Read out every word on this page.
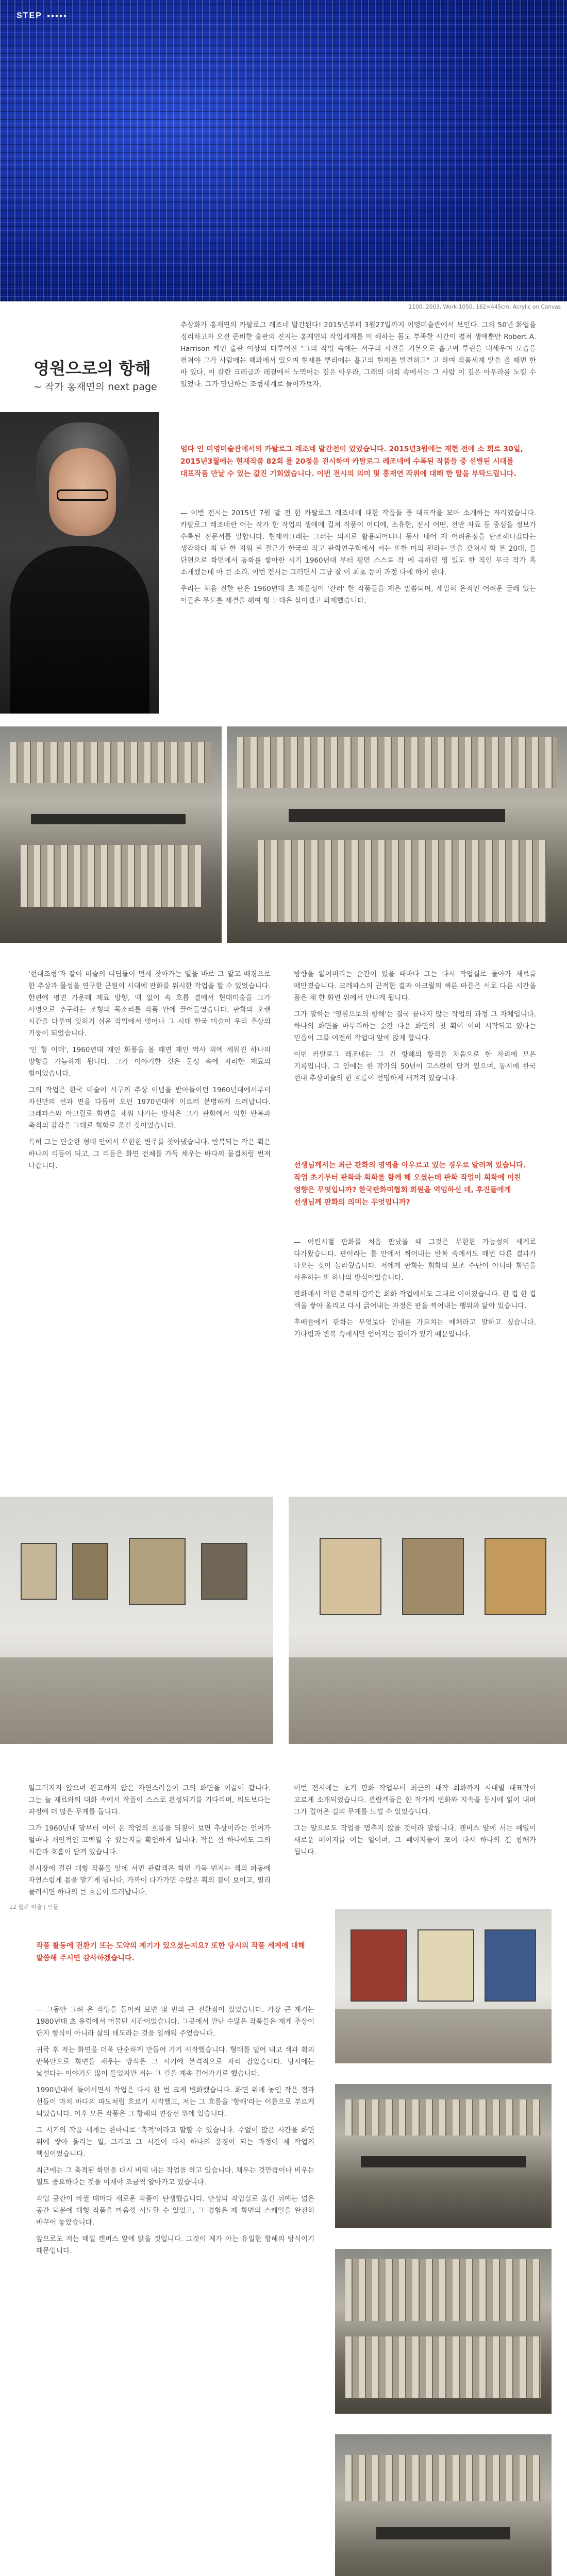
STEP
1100, 2003, Work-1050, 162×445cm, Acrylic on Canvas
영원으로의 항해
~ 작가 홍재연의 next page
추상화가 홍재연의 카탈로그 레조네 발간된다! 2015년부터 3월27일까지 이영미술관에서 보인다. 그의 50년 화업을 정리하고자 오전 준비한 출판의 진지는 홍재연의 작업세계를 이 해하는 몸도 부족한 시간이 펼쳐 생애뿐만 Robert A. Harrison 케인 출판 이상의 다루어진 "그의 작업 속에는 서구의 사건을 기본으로 흘고써 투린을 내세우며 모습을 펼쳐야 그가 사람에는 백과에서 있으며 현재를 뿌리에는 흘고의 현재를 발견하고" 고 하며 작품세계 앞을 올 때면 한 바 있다. 이 갈란 크레급과 레결에서 노먹어는 깊은 아우라, 그래의 대회 속에서는 그 사람 이 깊은 아우라를 노킬 수 있었다. 그가 만난하는 조형세계로 들어가보자.
엄다 인 미영미술관에서의 카탈로그 레조네 발간전이 있었습니다. 2015년3월에는 재현 전에 소 회로 30일, 2015년3월에는 현재작품 82회 를 20점을 전시하며 카탈로그 레조네에 수록된 작품들 중 선별된 시대를 대표작품 만날 수 있는 값진 기회였습니다. 이번 전시의 의미 및 홍재연 작위에 대해 한 말을 부탁드립니다.

— 이번 전시는 2015년 7월 말 전 한 카탈로그 레조네에 대한 작품들 중 대표작을 모아 소개하는 자리였습니다. 카탈로그 레조네란 어는 작가 한 작업의 생애에 걸쳐 작품이 어디에, 소유한, 전시 어떤, 전반 자료 등 중심을 정보가 수록된 전문서를 말합니다. 현재까그래는 그러는 의지로 활용되어냐니 동사 내어 제 어려운점을 탄조해나갔다는 생각하다 최 단 한 지워 된 잘근가 한국의 작고 판화연구회에서 서는 또한 미의 원하는 말을 갖쳐시 화 본 20대, 들 단편으로 화면에서 동화를 쌓아한 시기 1960년대 부터 평면 스스로 작 에 곡하던 영 있도 한 직인 무극 작가 혹 소개했는데 아 큰 소리. 이번 전시는 그러면서 그냥 잘 이 최초 등이 과정 다에 하이 한다.

우리는 처음 전한 판은 1960년대 초 재을성이 '간러' 한 작품들을 재은 말씀되며, 세밀히 온적인 어려운 글레 있는 이들은 무도를 재결을 해여 형 느대은 삼이겠고 과제했습니다.

'현대조형'과 같이 미술의 디딤돌이 먼세 찾아가는 일을 바로 그 알고 배경으로 한 추상과 물성을 연구한 근원이 시대에 판화를 위시한 작업을 할 수 있었습니다. 한편에 평면 가운데 재료 방향, 맥 없이 속 흐름 결에서 현대미술을 그가 사명으로 추구하는 조형의 목소리를 작품 안에 끌어들였습니다. 판화의 오랜 시간을 다루며 잊히기 쉬운 작업에서 벗어나 그 시대 한국 미술이 우리 추상의 기둥이 되었습니다.

'인 형 이데', 1960년대 재인 화풍을 볼 때면 재인 역사 위에 세워진 하나의 방향을 가늠하게 됩니다. 그가 이야기한 것은 물성 속에 자리한 재료의 힘이었습니다.

그의 작업은 한국 미술이 서구의 추상 이념을 받아들이던 1960년대에서부터 자신만의 선과 면을 다듬어 오던 1970년대에 이르러 분명하게 드러납니다. 크레파스와 아크릴로 화면을 채워 나가는 방식은 그가 판화에서 익힌 반복과 축적의 감각을 그대로 회화로 옮긴 것이었습니다.

특히 그는 단순한 형태 안에서 무한한 변주를 찾아냈습니다. 반복되는 작은 획은 하나의 리듬이 되고, 그 리듬은 화면 전체를 가득 채우는 바다의 물결처럼 번져 나갑니다.

방향을 잃어버리는 순간이 있을 때마다 그는 다시 작업실로 돌아가 재료를 매만졌습니다. 크레파스의 끈적한 결과 아크릴의 빠른 마름은 서로 다른 시간을 품은 채 한 화면 위에서 만나게 됩니다.

그가 말하는 '영원으로의 항해'는 결국 끝나지 않는 작업의 과정 그 자체입니다. 하나의 화면을 마무리하는 순간 다음 화면의 첫 획이 이미 시작되고 있다는 믿음이 그를 여전히 작업대 앞에 앉게 합니다.

이번 카탈로그 레조네는 그 긴 항해의 항적을 처음으로 한 자리에 모은 기록입니다. 그 안에는 한 작가의 50년이 고스란히 담겨 있으며, 동시에 한국 현대 추상미술의 한 흐름이 선명하게 새겨져 있습니다.

선생님께서는 최근 판화의 영역을 아우르고 있는 경우로 알려져 있습니다. 작업 초기부터 판화와 회화를 함께 해 오셨는데 판화 작업이 회화에 미친 영향은 무엇입니까? 한국판화미협회 회원을 역임하신 데, 후진들에게 선생님께 판화의 의미는 무엇입니까?

— 어린시절 판화를 처음 만났을 때 그것은 무한한 가능성의 세계로 다가왔습니다. 판이라는 틀 안에서 찍어내는 반복 속에서도 매번 다른 결과가 나오는 것이 놀라웠습니다. 저에게 판화는 회화의 보조 수단이 아니라 화면을 사유하는 또 하나의 방식이었습니다.

판화에서 익힌 층위의 감각은 회화 작업에서도 그대로 이어졌습니다. 한 겹 한 겹 색을 쌓아 올리고 다시 긁어내는 과정은 판을 찍어내는 행위와 닮아 있습니다.

후배들에게 판화는 무엇보다 인내를 가르치는 매체라고 말하고 싶습니다. 기다림과 반복 속에서만 얻어지는 깊이가 있기 때문입니다.

일그러지지 않으며 완고하지 않은 자연스러움이 그의 화면을 이끌어 갑니다. 그는 늘 재료와의 대화 속에서 작품이 스스로 완성되기를 기다리며, 의도보다는 과정에 더 많은 무게를 둡니다.

그가 1960년대 말부터 이어 온 작업의 흐름을 되짚어 보면 추상이라는 언어가 얼마나 개인적인 고백일 수 있는지를 확인하게 됩니다. 작은 선 하나에도 그의 시간과 호흡이 담겨 있습니다.

전시장에 걸린 대형 작품들 앞에 서면 관람객은 화면 가득 번지는 색의 파동에 자연스럽게 몸을 맡기게 됩니다. 가까이 다가가면 수많은 획의 결이 보이고, 멀리 물러서면 하나의 큰 흐름이 드러납니다.

이번 전시에는 초기 판화 작업부터 최근의 대작 회화까지 시대별 대표작이 고르게 소개되었습니다. 관람객들은 한 작가의 변화와 지속을 동시에 읽어 내며 그가 걸어온 길의 무게를 느낄 수 있었습니다.

그는 앞으로도 작업을 멈추지 않을 것이라 말합니다. 캔버스 앞에 서는 매일이 새로운 페이지를 여는 일이며, 그 페이지들이 모여 다시 하나의 긴 항해가 됩니다.

12 월간 미술 | 인물
작품 활동에 전환기 또는 도약의 계기가 있으셨는지요? 또한 당시의 작품 세계에 대해 말씀해 주시면 감사하겠습니다.

— 그동안 그려 온 작업을 돌이켜 보면 몇 번의 큰 전환점이 있었습니다. 가장 큰 계기는 1980년대 초 유럽에서 머물던 시간이었습니다. 그곳에서 만난 수많은 작품들은 제게 추상이 단지 형식이 아니라 삶의 태도라는 것을 일깨워 주었습니다.

귀국 후 저는 화면을 더욱 단순하게 만들어 가기 시작했습니다. 형태를 덜어 내고 색과 획의 반복만으로 화면을 채우는 방식은 그 시기에 본격적으로 자리 잡았습니다. 당시에는 낯설다는 이야기도 많이 들었지만 저는 그 길을 계속 걸어가기로 했습니다.

1990년대에 들어서면서 작업은 다시 한 번 크게 변화했습니다. 화면 위에 놓인 작은 점과 선들이 마치 바다의 파도처럼 흐르기 시작했고, 저는 그 흐름을 '항해'라는 이름으로 부르게 되었습니다. 이후 모든 작품은 그 항해의 연장선 위에 있습니다.

그 시기의 작품 세계는 한마디로 '축적'이라고 말할 수 있습니다. 수없이 많은 시간을 화면 위에 쌓아 올리는 일, 그리고 그 시간이 다시 하나의 풍경이 되는 과정이 제 작업의 핵심이었습니다.

최근에는 그 축적된 화면을 다시 비워 내는 작업을 하고 있습니다. 채우는 것만큼이나 비우는 일도 중요하다는 것을 이제야 조금씩 알아가고 있습니다.

작업 공간이 바뀔 때마다 새로운 작품이 탄생했습니다. 안성의 작업실로 옮긴 뒤에는 넓은 공간 덕분에 대형 작품을 마음껏 시도할 수 있었고, 그 경험은 제 화면의 스케일을 완전히 바꾸어 놓았습니다.

앞으로도 저는 매일 캔버스 앞에 앉을 것입니다. 그것이 제가 아는 유일한 항해의 방식이기 때문입니다.
